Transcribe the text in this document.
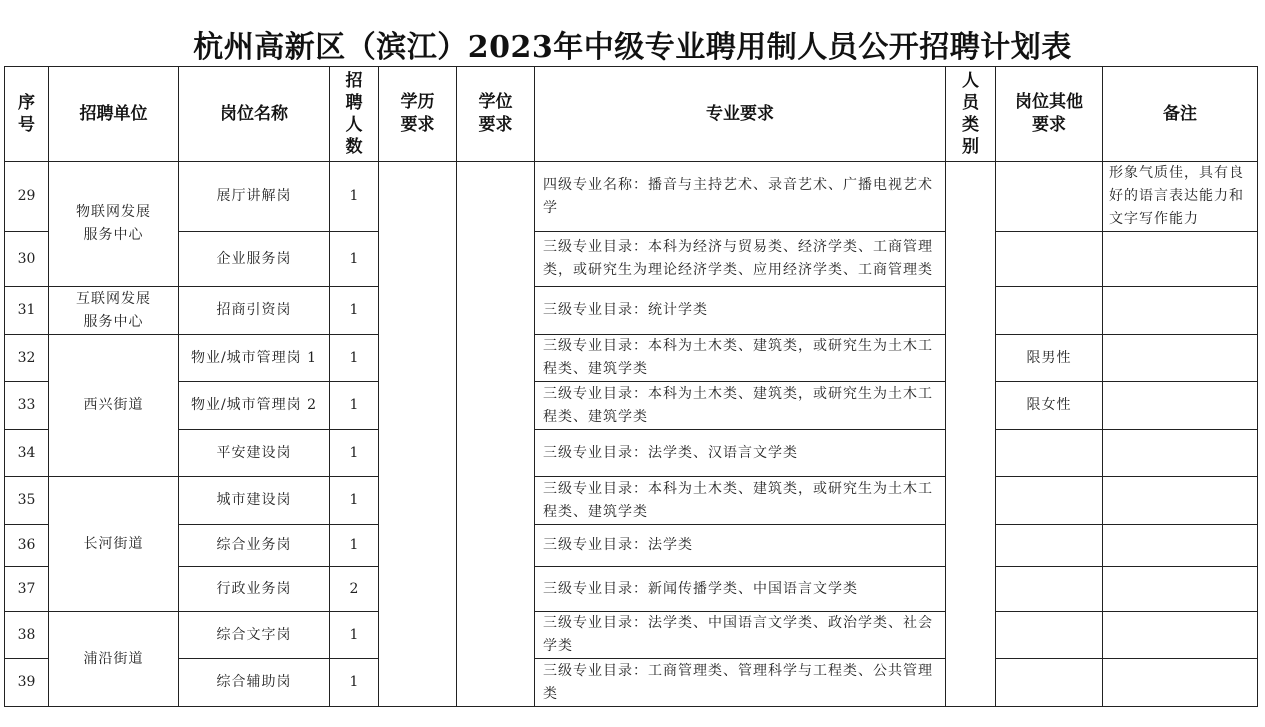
杭州高新区（滨江）2023年中级专业聘用制人员公开招聘计划表
序号	招聘单位	岗位名称	招聘人数	学历要求	学位要求	专业要求	人员类别	岗位其他要求	备注
29	物联网发展
服务中心	展厅讲解岗	1			四级专业名称：播音与主持艺术、录音艺术、广播电视艺术学			形象气质佳，具有良好的语言表达能力和文字写作能力
30		企业服务岗	1			三级专业目录：本科为经济与贸易类、经济学类、工商管理类，或研究生为理论经济学类、应用经济学类、工商管理类			
31	互联网发展
服务中心	招商引资岗	1			三级专业目录：统计学类			
32	西兴街道	物业/城市管理岗 1	1			三级专业目录：本科为土木类、建筑类，或研究生为土木工程类、建筑学类		限男性	
33		物业/城市管理岗 2	1			三级专业目录：本科为土木类、建筑类，或研究生为土木工程类、建筑学类		限女性	
34		平安建设岗	1			三级专业目录：法学类、汉语言文学类			
35	长河街道	城市建设岗	1			三级专业目录：本科为土木类、建筑类，或研究生为土木工程类、建筑学类			
36		综合业务岗	1			三级专业目录：法学类			
37		行政业务岗	2			三级专业目录：新闻传播学类、中国语言文学类			
38	浦沿街道	综合文字岗	1			三级专业目录：法学类、中国语言文学类、政治学类、社会学类			
39		综合辅助岗	1			三级专业目录：工商管理类、管理科学与工程类、公共管理类			
